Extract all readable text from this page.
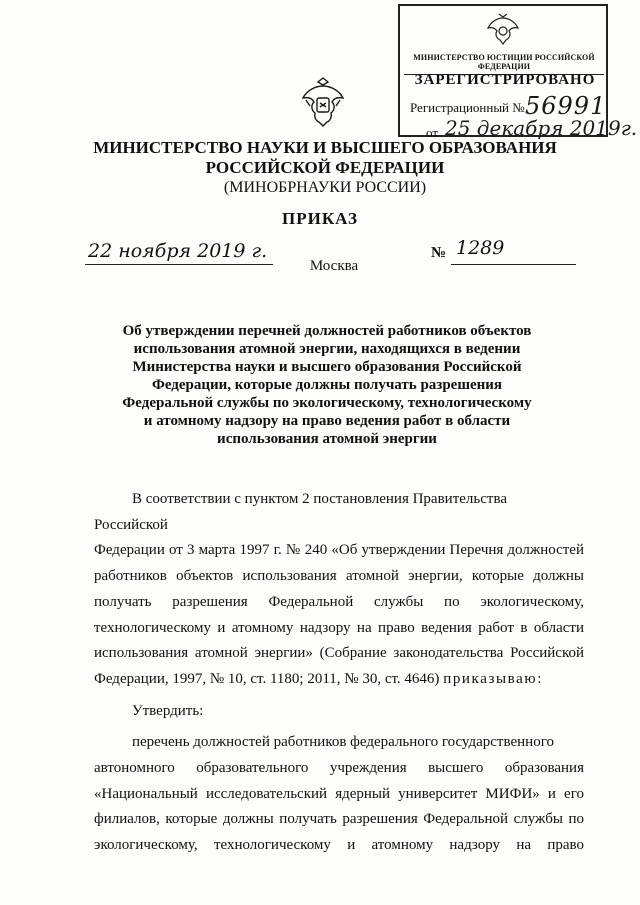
МИНИСТЕРСТВО ЮСТИЦИИ РОССИЙСКОЙ ФЕДЕРАЦИИ
ЗАРЕГИСТРИРОВАНО
Регистрационный № 56991
от 25 декабря 2019г.
МИНИСТЕРСТВО НАУКИ И ВЫСШЕГО ОБРАЗОВАНИЯ
РОССИЙСКОЙ ФЕДЕРАЦИИ
(МИНОБРНАУКИ РОССИИ)
ПРИКАЗ
22 ноября 2019 г.	№ 1289
Москва
Об утверждении перечней должностей работников объектов
использования атомной энергии, находящихся в ведении
Министерства науки и высшего образования Российской
Федерации, которые должны получать разрешения
Федеральной службы по экологическому, технологическому
и атомному надзору на право ведения работ в области
использования атомной энергии
В соответствии с пунктом 2 постановления Правительства Российской
Федерации от 3 марта 1997 г. № 240 «Об утверждении Перечня должностей
работников объектов использования атомной энергии, которые должны
получать разрешения Федеральной службы по экологическому,
технологическому и атомному надзору на право ведения работ в области
использования атомной энергии» (Собрание законодательства Российской
Федерации, 1997, № 10, ст. 1180; 2011, № 30, ст. 4646) приказываю:
Утвердить:
перечень должностей работников федерального государственного
автономного образовательного учреждения высшего образования
«Национальный исследовательский ядерный университет МИФИ» и его
филиалов, которые должны получать разрешения Федеральной службы по
экологическому, технологическому и атомному надзору на право
